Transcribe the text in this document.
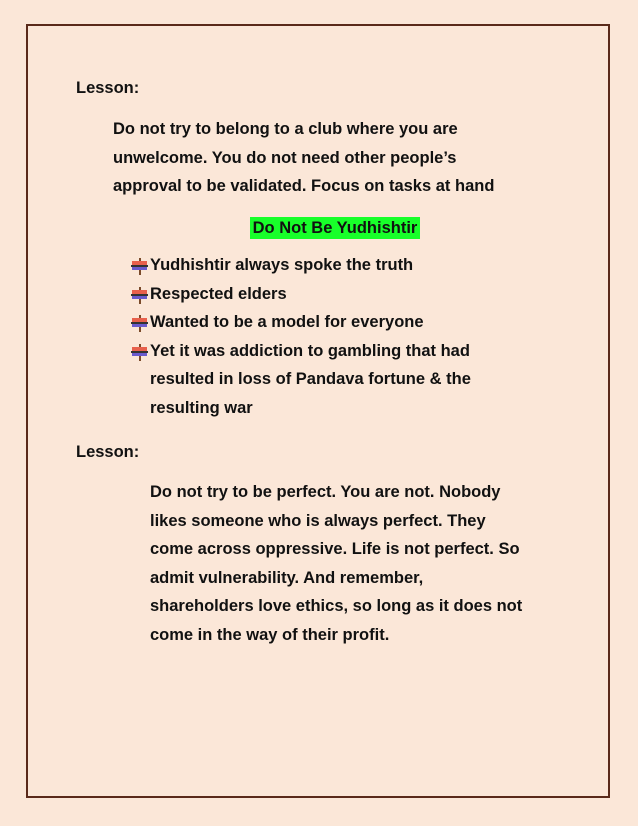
Lesson:
Do not try to belong to a club where you are
unwelcome. You do not need other people’s
approval to be validated. Focus on tasks at hand
Do Not Be Yudhishtir
Yudhishtir always spoke the truth
Respected elders
Wanted to be a model for everyone
Yet it was addiction to gambling that had
resulted in loss of Pandava fortune & the
resulting war
Lesson:
Do not try to be perfect. You are not. Nobody
likes someone who is always perfect. They
come across oppressive. Life is not perfect. So
admit vulnerability. And remember,
shareholders love ethics, so long as it does not
come in the way of their profit.
